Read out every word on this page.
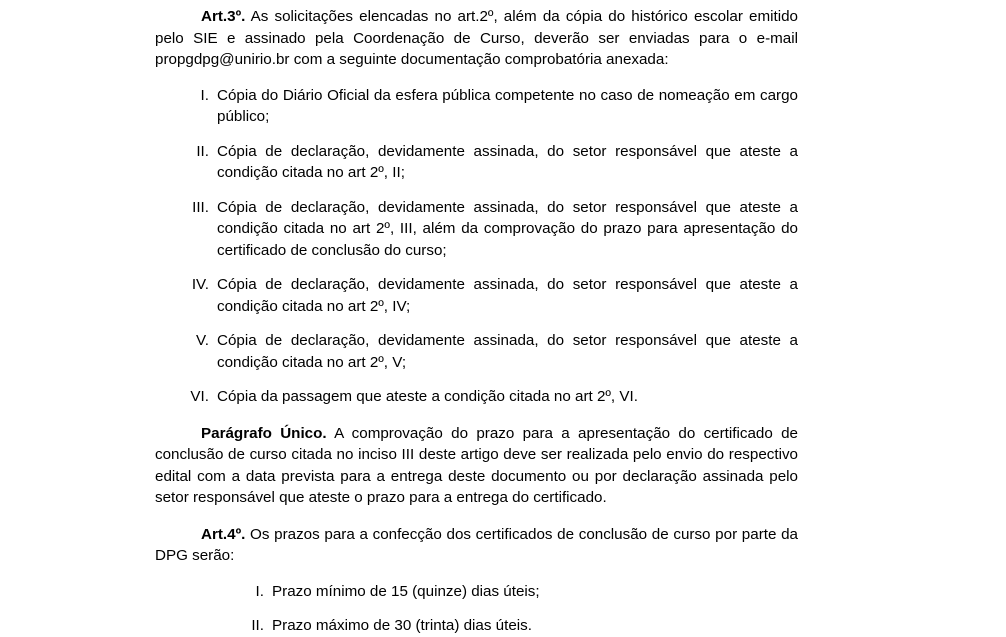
Art.3º. As solicitações elencadas no art.2º, além da cópia do histórico escolar emitido pelo SIE e assinado pela Coordenação de Curso, deverão ser enviadas para o e-mail propgdpg@unirio.br com a seguinte documentação comprobatória anexada:

I. Cópia do Diário Oficial da esfera pública competente no caso de nomeação em cargo público;
II. Cópia de declaração, devidamente assinada, do setor responsável que ateste a condição citada no art 2º, II;
III. Cópia de declaração, devidamente assinada, do setor responsável que ateste a condição citada no art 2º, III, além da comprovação do prazo para apresentação do certificado de conclusão do curso;
IV. Cópia de declaração, devidamente assinada, do setor responsável que ateste a condição citada no art 2º, IV;
V. Cópia de declaração, devidamente assinada, do setor responsável que ateste a condição citada no art 2º, V;
VI. Cópia da passagem que ateste a condição citada no art 2º, VI.

Parágrafo Único. A comprovação do prazo para a apresentação do certificado de conclusão de curso citada no inciso III deste artigo deve ser realizada pelo envio do respectivo edital com a data prevista para a entrega deste documento ou por declaração assinada pelo setor responsável que ateste o prazo para a entrega do certificado.

Art.4º. Os prazos para a confecção dos certificados de conclusão de curso por parte da DPG serão:

I. Prazo mínimo de 15 (quinze) dias úteis;
II. Prazo máximo de 30 (trinta) dias úteis.
